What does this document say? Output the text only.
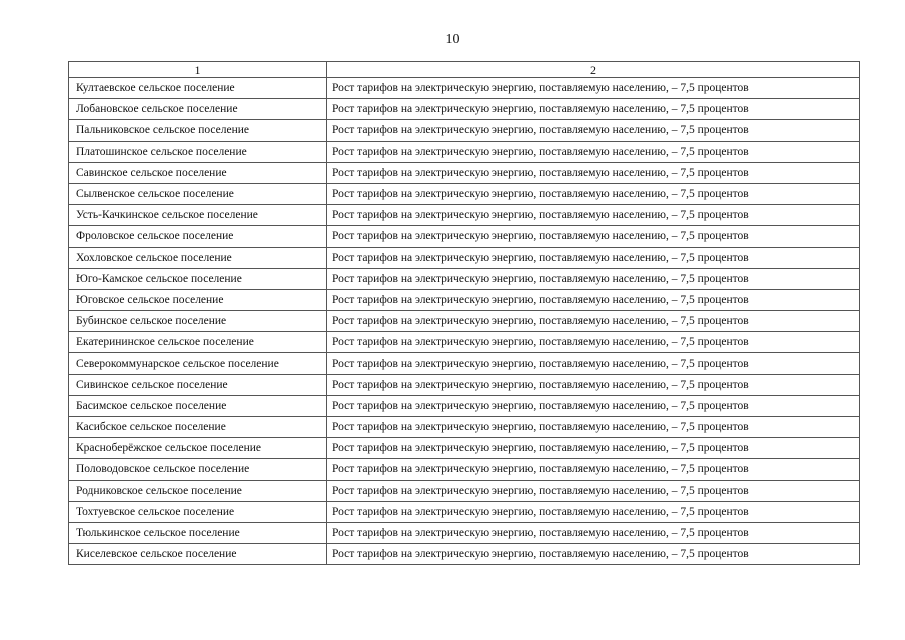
10
1	2
Култаевское сельское поселение	Рост тарифов на электрическую энергию, поставляемую населению, – 7,5 процентов
Лобановское сельское поселение	Рост тарифов на электрическую энергию, поставляемую населению, – 7,5 процентов
Пальниковское сельское поселение	Рост тарифов на электрическую энергию, поставляемую населению, – 7,5 процентов
Платошинское сельское поселение	Рост тарифов на электрическую энергию, поставляемую населению, – 7,5 процентов
Савинское сельское поселение	Рост тарифов на электрическую энергию, поставляемую населению, – 7,5 процентов
Сылвенское сельское поселение	Рост тарифов на электрическую энергию, поставляемую населению, – 7,5 процентов
Усть-Качкинское сельское поселение	Рост тарифов на электрическую энергию, поставляемую населению, – 7,5 процентов
Фроловское сельское поселение	Рост тарифов на электрическую энергию, поставляемую населению, – 7,5 процентов
Хохловское сельское поселение	Рост тарифов на электрическую энергию, поставляемую населению, – 7,5 процентов
Юго-Камское сельское поселение	Рост тарифов на электрическую энергию, поставляемую населению, – 7,5 процентов
Юговское сельское поселение	Рост тарифов на электрическую энергию, поставляемую населению, – 7,5 процентов
Бубинское сельское поселение	Рост тарифов на электрическую энергию, поставляемую населению, – 7,5 процентов
Екатерининское сельское поселение	Рост тарифов на электрическую энергию, поставляемую населению, – 7,5 процентов
Северокоммунарское сельское поселение	Рост тарифов на электрическую энергию, поставляемую населению, – 7,5 процентов
Сивинское сельское поселение	Рост тарифов на электрическую энергию, поставляемую населению, – 7,5 процентов
Басимское сельское поселение	Рост тарифов на электрическую энергию, поставляемую населению, – 7,5 процентов
Касибское сельское поселение	Рост тарифов на электрическую энергию, поставляемую населению, – 7,5 процентов
Красноберёжское сельское поселение	Рост тарифов на электрическую энергию, поставляемую населению, – 7,5 процентов
Половодовское сельское поселение	Рост тарифов на электрическую энергию, поставляемую населению, – 7,5 процентов
Родниковское сельское поселение	Рост тарифов на электрическую энергию, поставляемую населению, – 7,5 процентов
Тохтуевское сельское поселение	Рост тарифов на электрическую энергию, поставляемую населению, – 7,5 процентов
Тюлькинское сельское поселение	Рост тарифов на электрическую энергию, поставляемую населению, – 7,5 процентов
Киселевское сельское поселение	Рост тарифов на электрическую энергию, поставляемую населению, – 7,5 процентов
